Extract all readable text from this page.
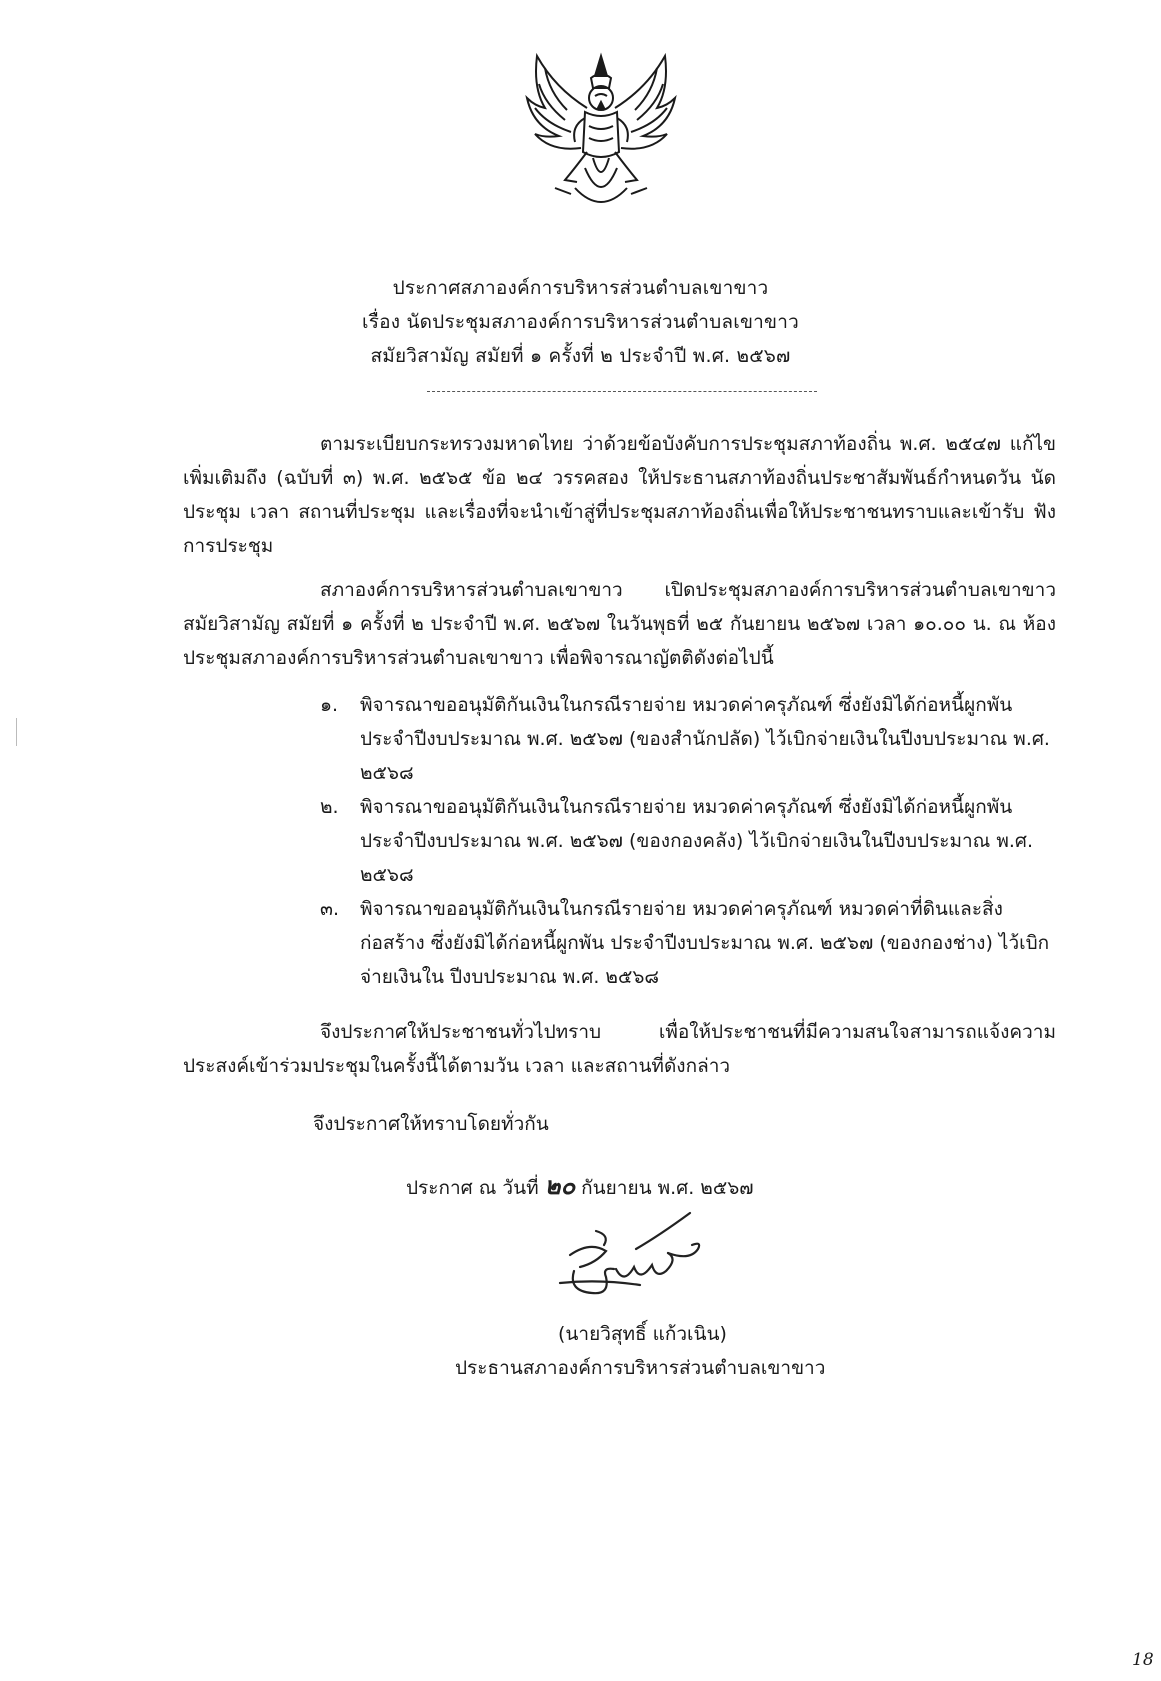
ประกาศสภาองค์การบริหารส่วนตำบลเขาขาว
เรื่อง นัดประชุมสภาองค์การบริหารส่วนตำบลเขาขาว
สมัยวิสามัญ สมัยที่ ๑ ครั้งที่ ๒ ประจำปี พ.ศ. ๒๕๖๗
ตามระเบียบกระทรวงมหาดไทย ว่าด้วยข้อบังคับการประชุมสภาท้องถิ่น พ.ศ. ๒๕๔๗ แก้ไขเพิ่มเติมถึง (ฉบับที่ ๓) พ.ศ. ๒๕๖๕ ข้อ ๒๔ วรรคสอง ให้ประธานสภาท้องถิ่นประชาสัมพันธ์กำหนดวัน นัดประชุม เวลา สถานที่ประชุม และเรื่องที่จะนำเข้าสู่ที่ประชุมสภาท้องถิ่นเพื่อให้ประชาชนทราบและเข้ารับ ฟังการประชุม
สภาองค์การบริหารส่วนตำบลเขาขาว เปิดประชุมสภาองค์การบริหารส่วนตำบลเขาขาว สมัยวิสามัญ สมัยที่ ๑ ครั้งที่ ๒ ประจำปี พ.ศ. ๒๕๖๗ ในวันพุธที่ ๒๕ กันยายน ๒๕๖๗ เวลา ๑๐.๐๐ น. ณ ห้องประชุมสภาองค์การบริหารส่วนตำบลเขาขาว เพื่อพิจารณาญัตติดังต่อไปนี้
๑. พิจารณาขออนุมัติกันเงินในกรณีรายจ่าย หมวดค่าครุภัณฑ์ ซึ่งยังมิได้ก่อหนี้ผูกพัน ประจำปีงบประมาณ พ.ศ. ๒๕๖๗ (ของสำนักปลัด) ไว้เบิกจ่ายเงินในปีงบประมาณ พ.ศ. ๒๕๖๘
๒. พิจารณาขออนุมัติกันเงินในกรณีรายจ่าย หมวดค่าครุภัณฑ์ ซึ่งยังมิได้ก่อหนี้ผูกพัน ประจำปีงบประมาณ พ.ศ. ๒๕๖๗ (ของกองคลัง) ไว้เบิกจ่ายเงินในปีงบประมาณ พ.ศ. ๒๕๖๘
๓. พิจารณาขออนุมัติกันเงินในกรณีรายจ่าย หมวดค่าครุภัณฑ์ หมวดค่าที่ดินและสิ่งก่อสร้าง ซึ่งยังมิได้ก่อหนี้ผูกพัน ประจำปีงบประมาณ พ.ศ. ๒๕๖๗ (ของกองช่าง) ไว้เบิกจ่ายเงินใน ปีงบประมาณ พ.ศ. ๒๕๖๘
จึงประกาศให้ประชาชนทั่วไปทราบ เพื่อให้ประชาชนที่มีความสนใจสามารถแจ้งความ ประสงค์เข้าร่วมประชุมในครั้งนี้ได้ตามวัน เวลา และสถานที่ดังกล่าว
จึงประกาศให้ทราบโดยทั่วกัน
ประกาศ ณ วันที่ ๒๐ กันยายน พ.ศ. ๒๕๖๗
(นายวิสุทธิ์ แก้วเนิน)
ประธานสภาองค์การบริหารส่วนตำบลเขาขาว
18
